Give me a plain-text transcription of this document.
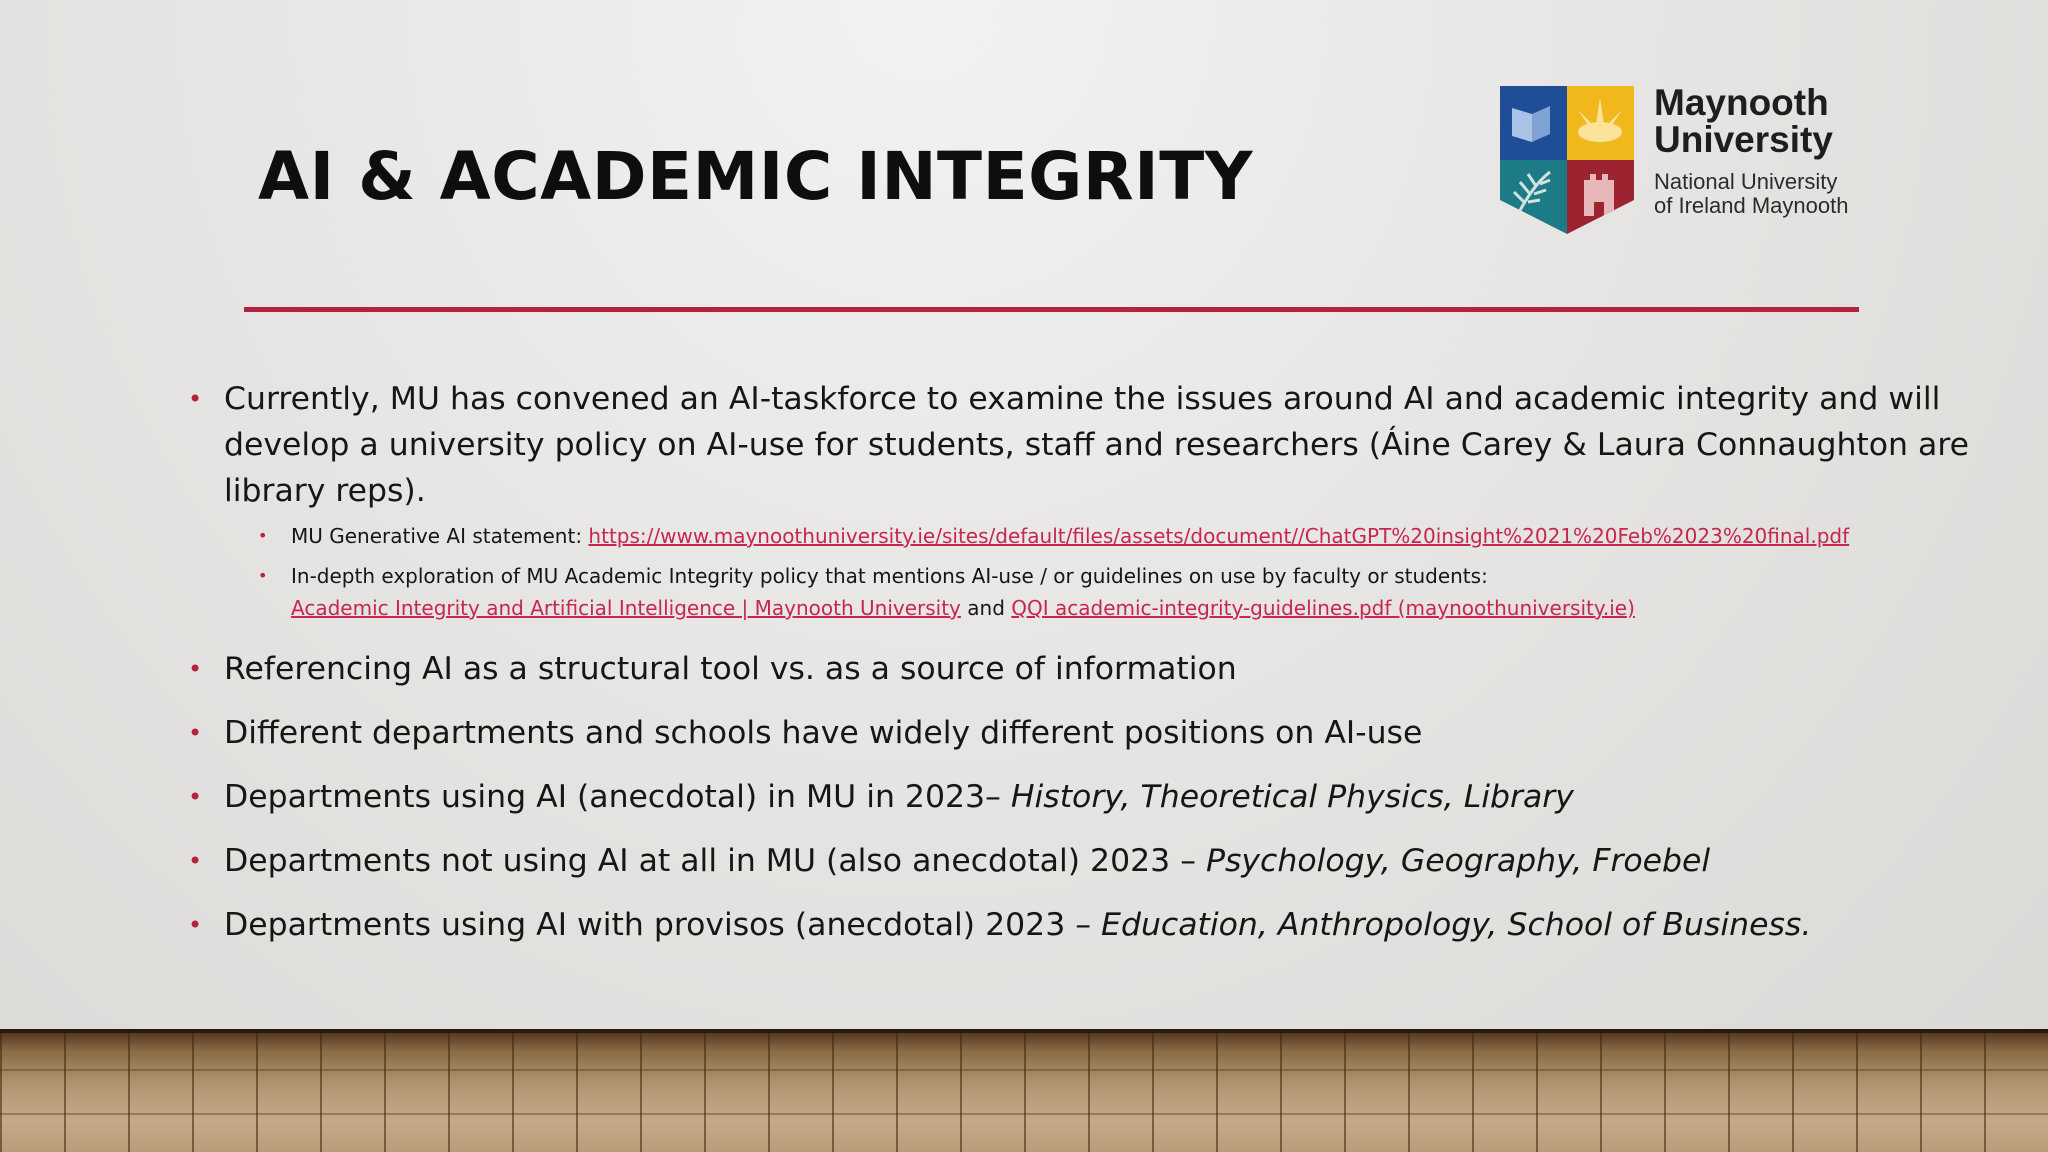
AI & ACADEMIC INTEGRITY
Maynooth
University
National University
of Ireland Maynooth
• Currently, MU has convened an AI-taskforce to examine the issues around AI and academic integrity and will develop a university policy on AI-use for students, staff and researchers (Áine Carey & Laura Connaughton are library reps).
• MU Generative AI statement: https://www.maynoothuniversity.ie/sites/default/files/assets/document//ChatGPT%20insight%2021%20Feb%2023%20final.pdf
• In-depth exploration of MU Academic Integrity policy that mentions AI-use / or guidelines on use by faculty or students:
Academic Integrity and Artificial Intelligence | Maynooth University and QQI academic-integrity-guidelines.pdf (maynoothuniversity.ie)
• Referencing AI as a structural tool vs. as a source of information
• Different departments and schools have widely different positions on AI-use
• Departments using AI (anecdotal) in MU in 2023– History, Theoretical Physics, Library
• Departments not using AI at all in MU (also anecdotal) 2023 – Psychology, Geography, Froebel
• Departments using AI with provisos (anecdotal) 2023 – Education, Anthropology, School of Business.
